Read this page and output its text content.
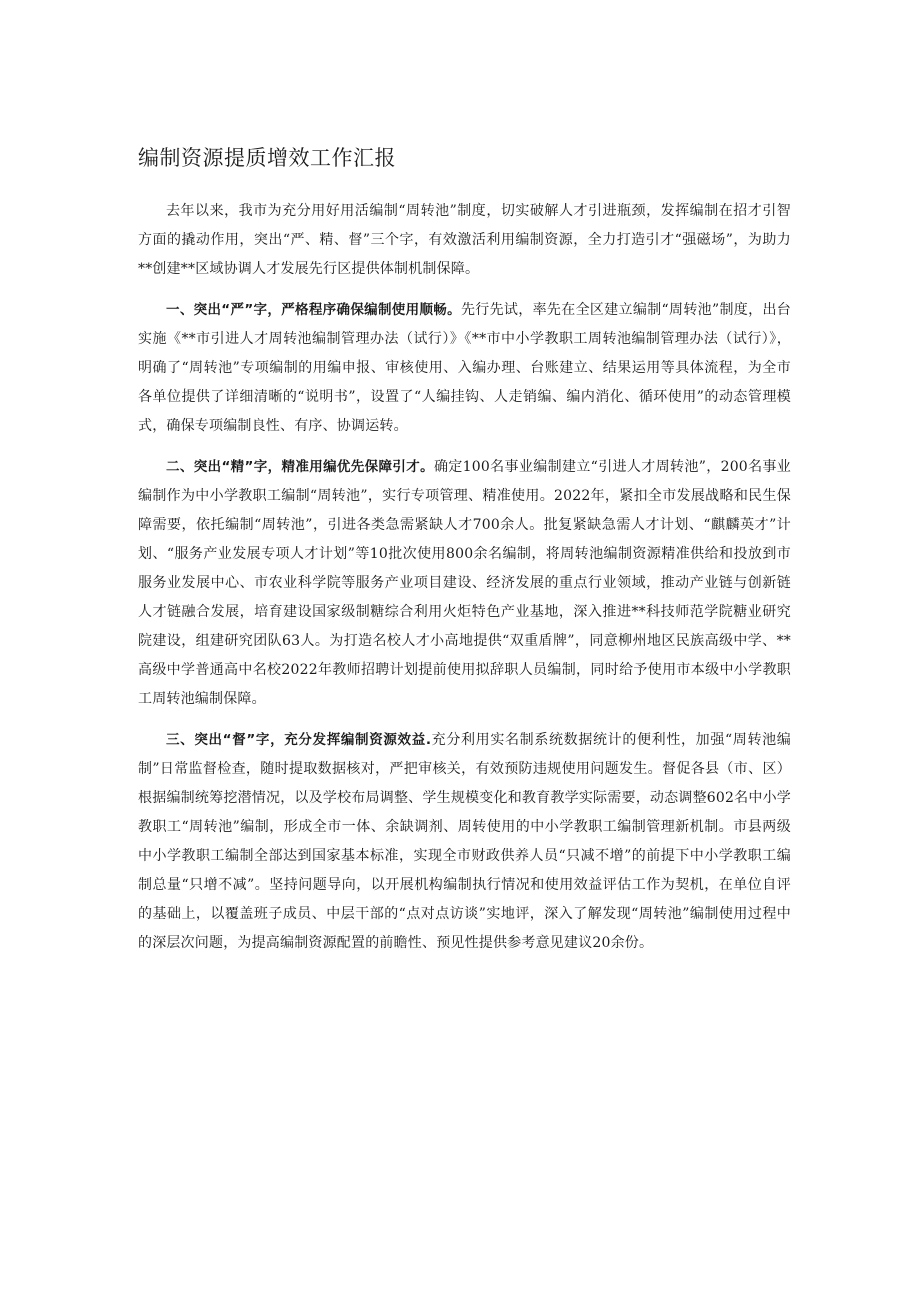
编制资源提质增效工作汇报

去年以来，我市为充分用好用活编制“周转池”制度，切实破解人才引进瓶颈，发挥编制在招才引智方面的撬动作用，突出“严、精、督”三个字，有效激活利用编制资源，全力打造引才“强磁场”，为助力**创建**区域协调人才发展先行区提供体制机制保障。

一、突出“严”字，严格程序确保编制使用顺畅。先行先试，率先在全区建立编制“周转池”制度，出台实施《**市引进人才周转池编制管理办法（试行）》《**市中小学教职工周转池编制管理办法（试行）》，明确了“周转池”专项编制的用编申报、审核使用、入编办理、台账建立、结果运用等具体流程，为全市各单位提供了详细清晰的“说明书”，设置了“人编挂钩、人走销编、编内消化、循环使用”的动态管理模式，确保专项编制良性、有序、协调运转。

二、突出“精”字，精准用编优先保障引才。确定100名事业编制建立“引进人才周转池”，200名事业编制作为中小学教职工编制“周转池”，实行专项管理、精准使用。2022年，紧扣全市发展战略和民生保障需要，依托编制“周转池”，引进各类急需紧缺人才700余人。批复紧缺急需人才计划、“麒麟英才”计划、“服务产业发展专项人才计划”等10批次使用800余名编制，将周转池编制资源精准供给和投放到市服务业发展中心、市农业科学院等服务产业项目建设、经济发展的重点行业领域，推动产业链与创新链人才链融合发展，培育建设国家级制糖综合利用火炬特色产业基地，深入推进**科技师范学院糖业研究院建设，组建研究团队63人。为打造名校人才小高地提供“双重盾牌”，同意柳州地区民族高级中学、**高级中学普通高中名校2022年教师招聘计划提前使用拟辞职人员编制，同时给予使用市本级中小学教职工周转池编制保障。

三、突出“督”字，充分发挥编制资源效益.充分利用实名制系统数据统计的便利性，加强“周转池编制”日常监督检查，随时提取数据核对，严把审核关，有效预防违规使用问题发生。督促各县（市、区）根据编制统筹挖潜情况，以及学校布局调整、学生规模变化和教育教学实际需要，动态调整602名中小学教职工“周转池”编制，形成全市一体、余缺调剂、周转使用的中小学教职工编制管理新机制。市县两级中小学教职工编制全部达到国家基本标准，实现全市财政供养人员“只减不增”的前提下中小学教职工编制总量“只增不减”。坚持问题导向，以开展机构编制执行情况和使用效益评估工作为契机，在单位自评的基础上，以覆盖班子成员、中层干部的“点对点访谈”实地评，深入了解发现“周转池”编制使用过程中的深层次问题，为提高编制资源配置的前瞻性、预见性提供参考意见建议20余份。
